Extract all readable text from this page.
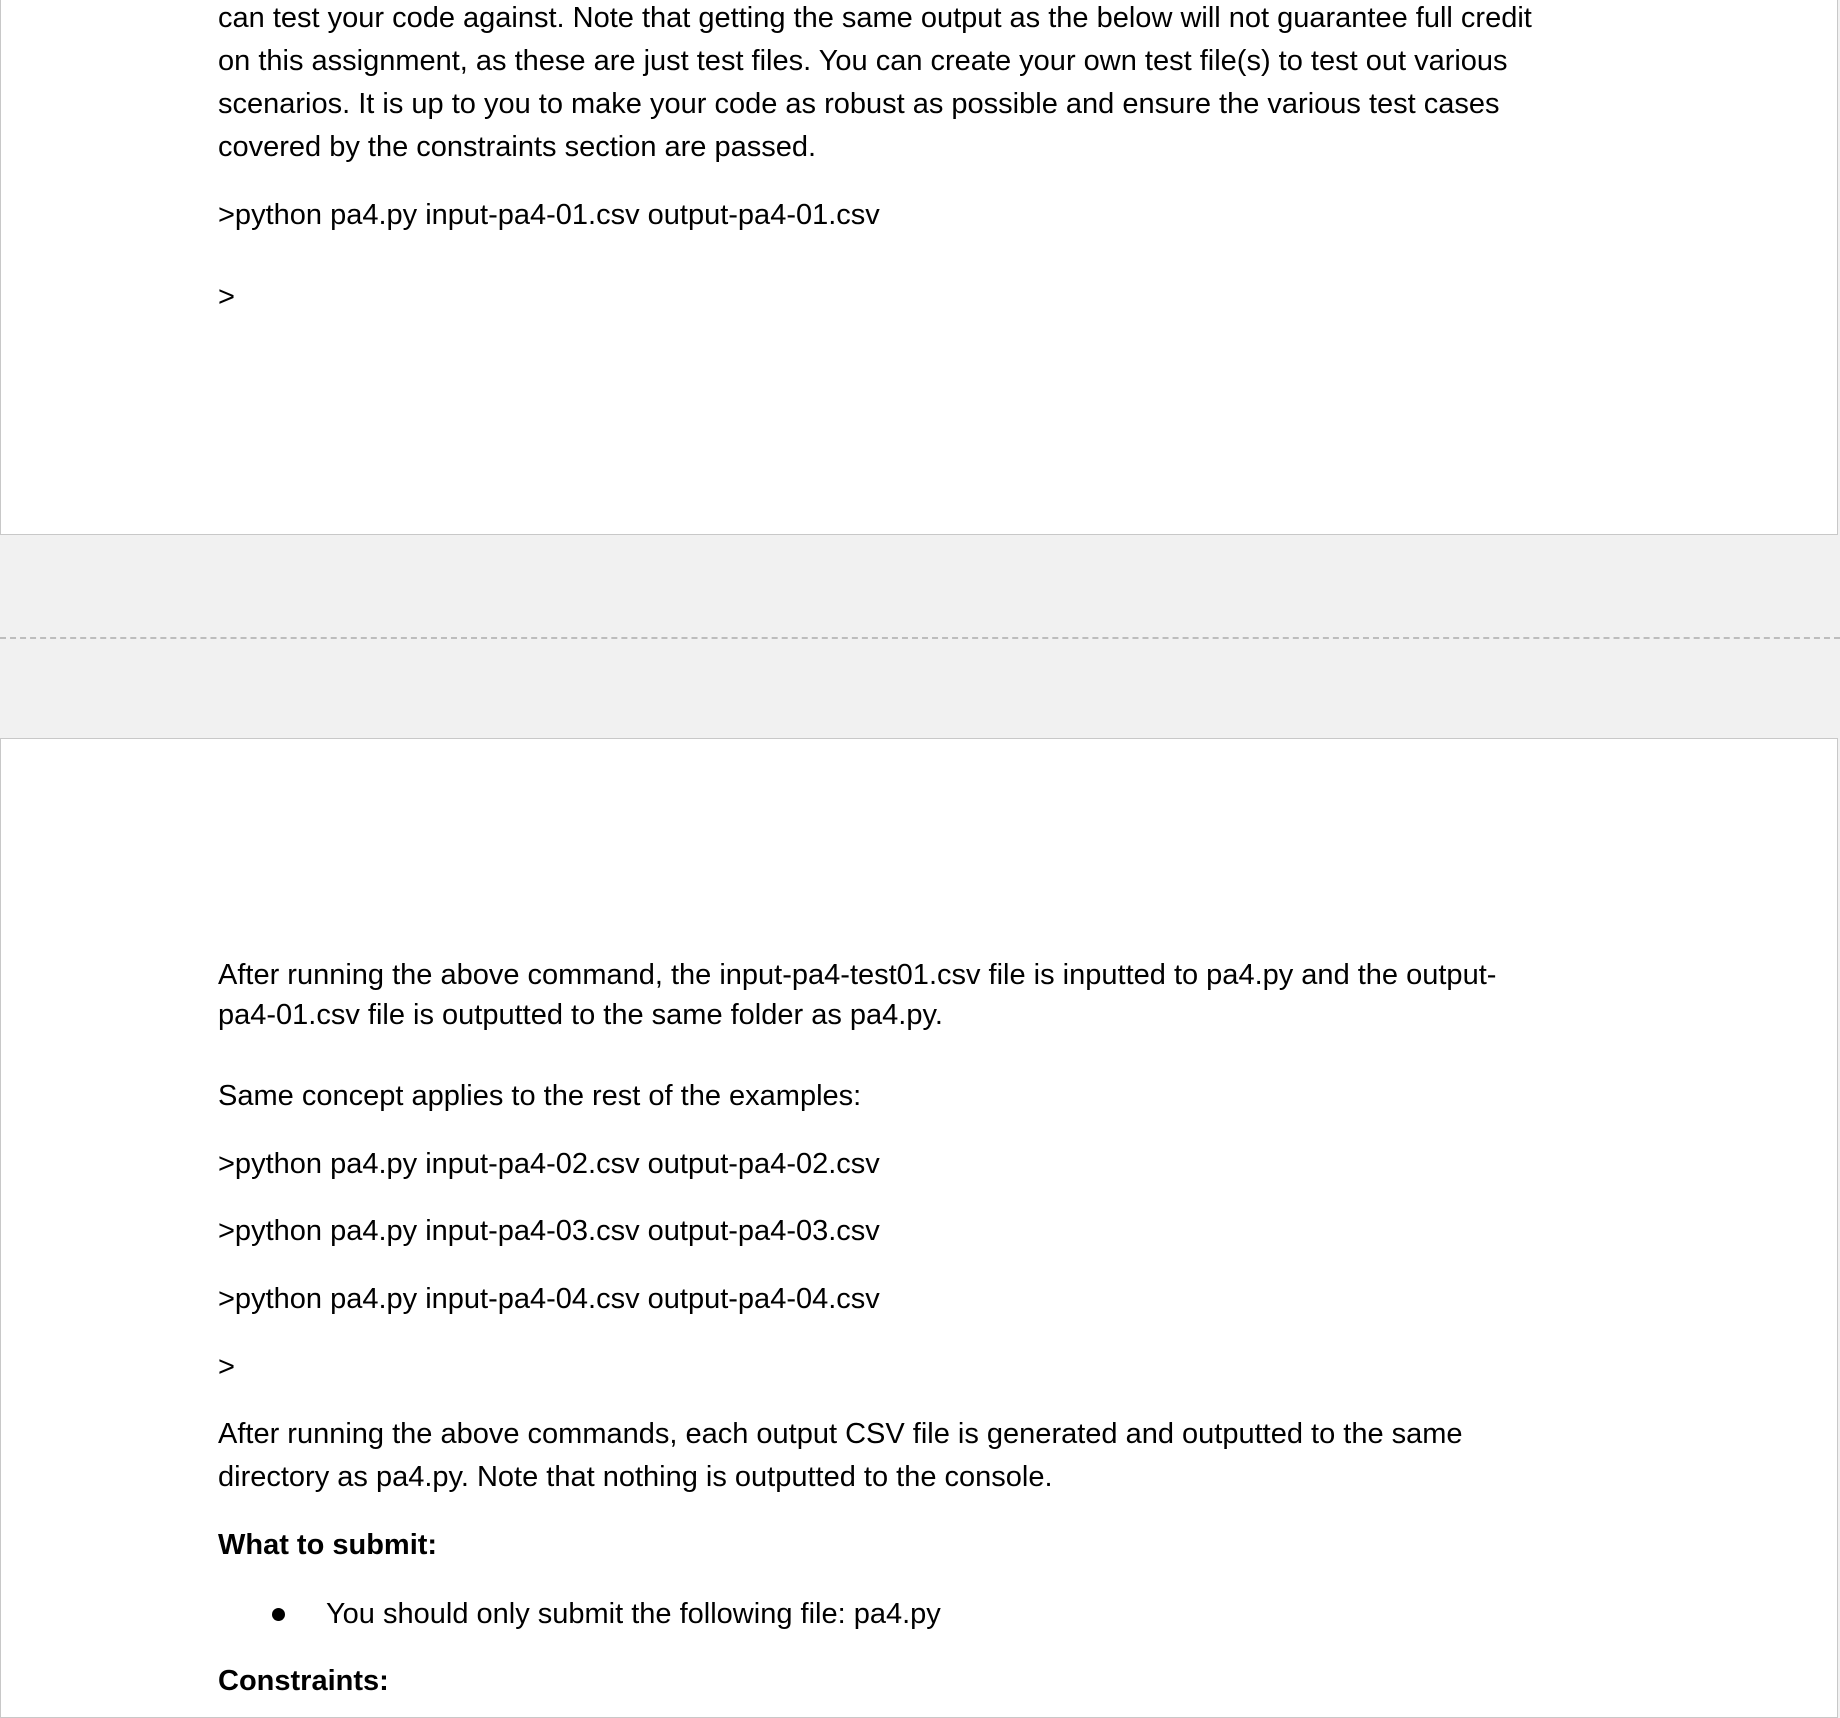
can test your code against. Note that getting the same output as the below will not guarantee full credit

on this assignment, as these are just test files. You can create your own test file(s) to test out various

scenarios. It is up to you to make your code as robust as possible and ensure the various test cases

covered by the constraints section are passed.

>python pa4.py input-pa4-01.csv output-pa4-01.csv

>

After running the above command, the input-pa4-test01.csv file is inputted to pa4.py and the output-

pa4-01.csv file is outputted to the same folder as pa4.py.

Same concept applies to the rest of the examples:

>python pa4.py input-pa4-02.csv output-pa4-02.csv

>python pa4.py input-pa4-03.csv output-pa4-03.csv

>python pa4.py input-pa4-04.csv output-pa4-04.csv

>

After running the above commands, each output CSV file is generated and outputted to the same

directory as pa4.py. Note that nothing is outputted to the console.

What to submit:

You should only submit the following file: pa4.py

Constraints:
